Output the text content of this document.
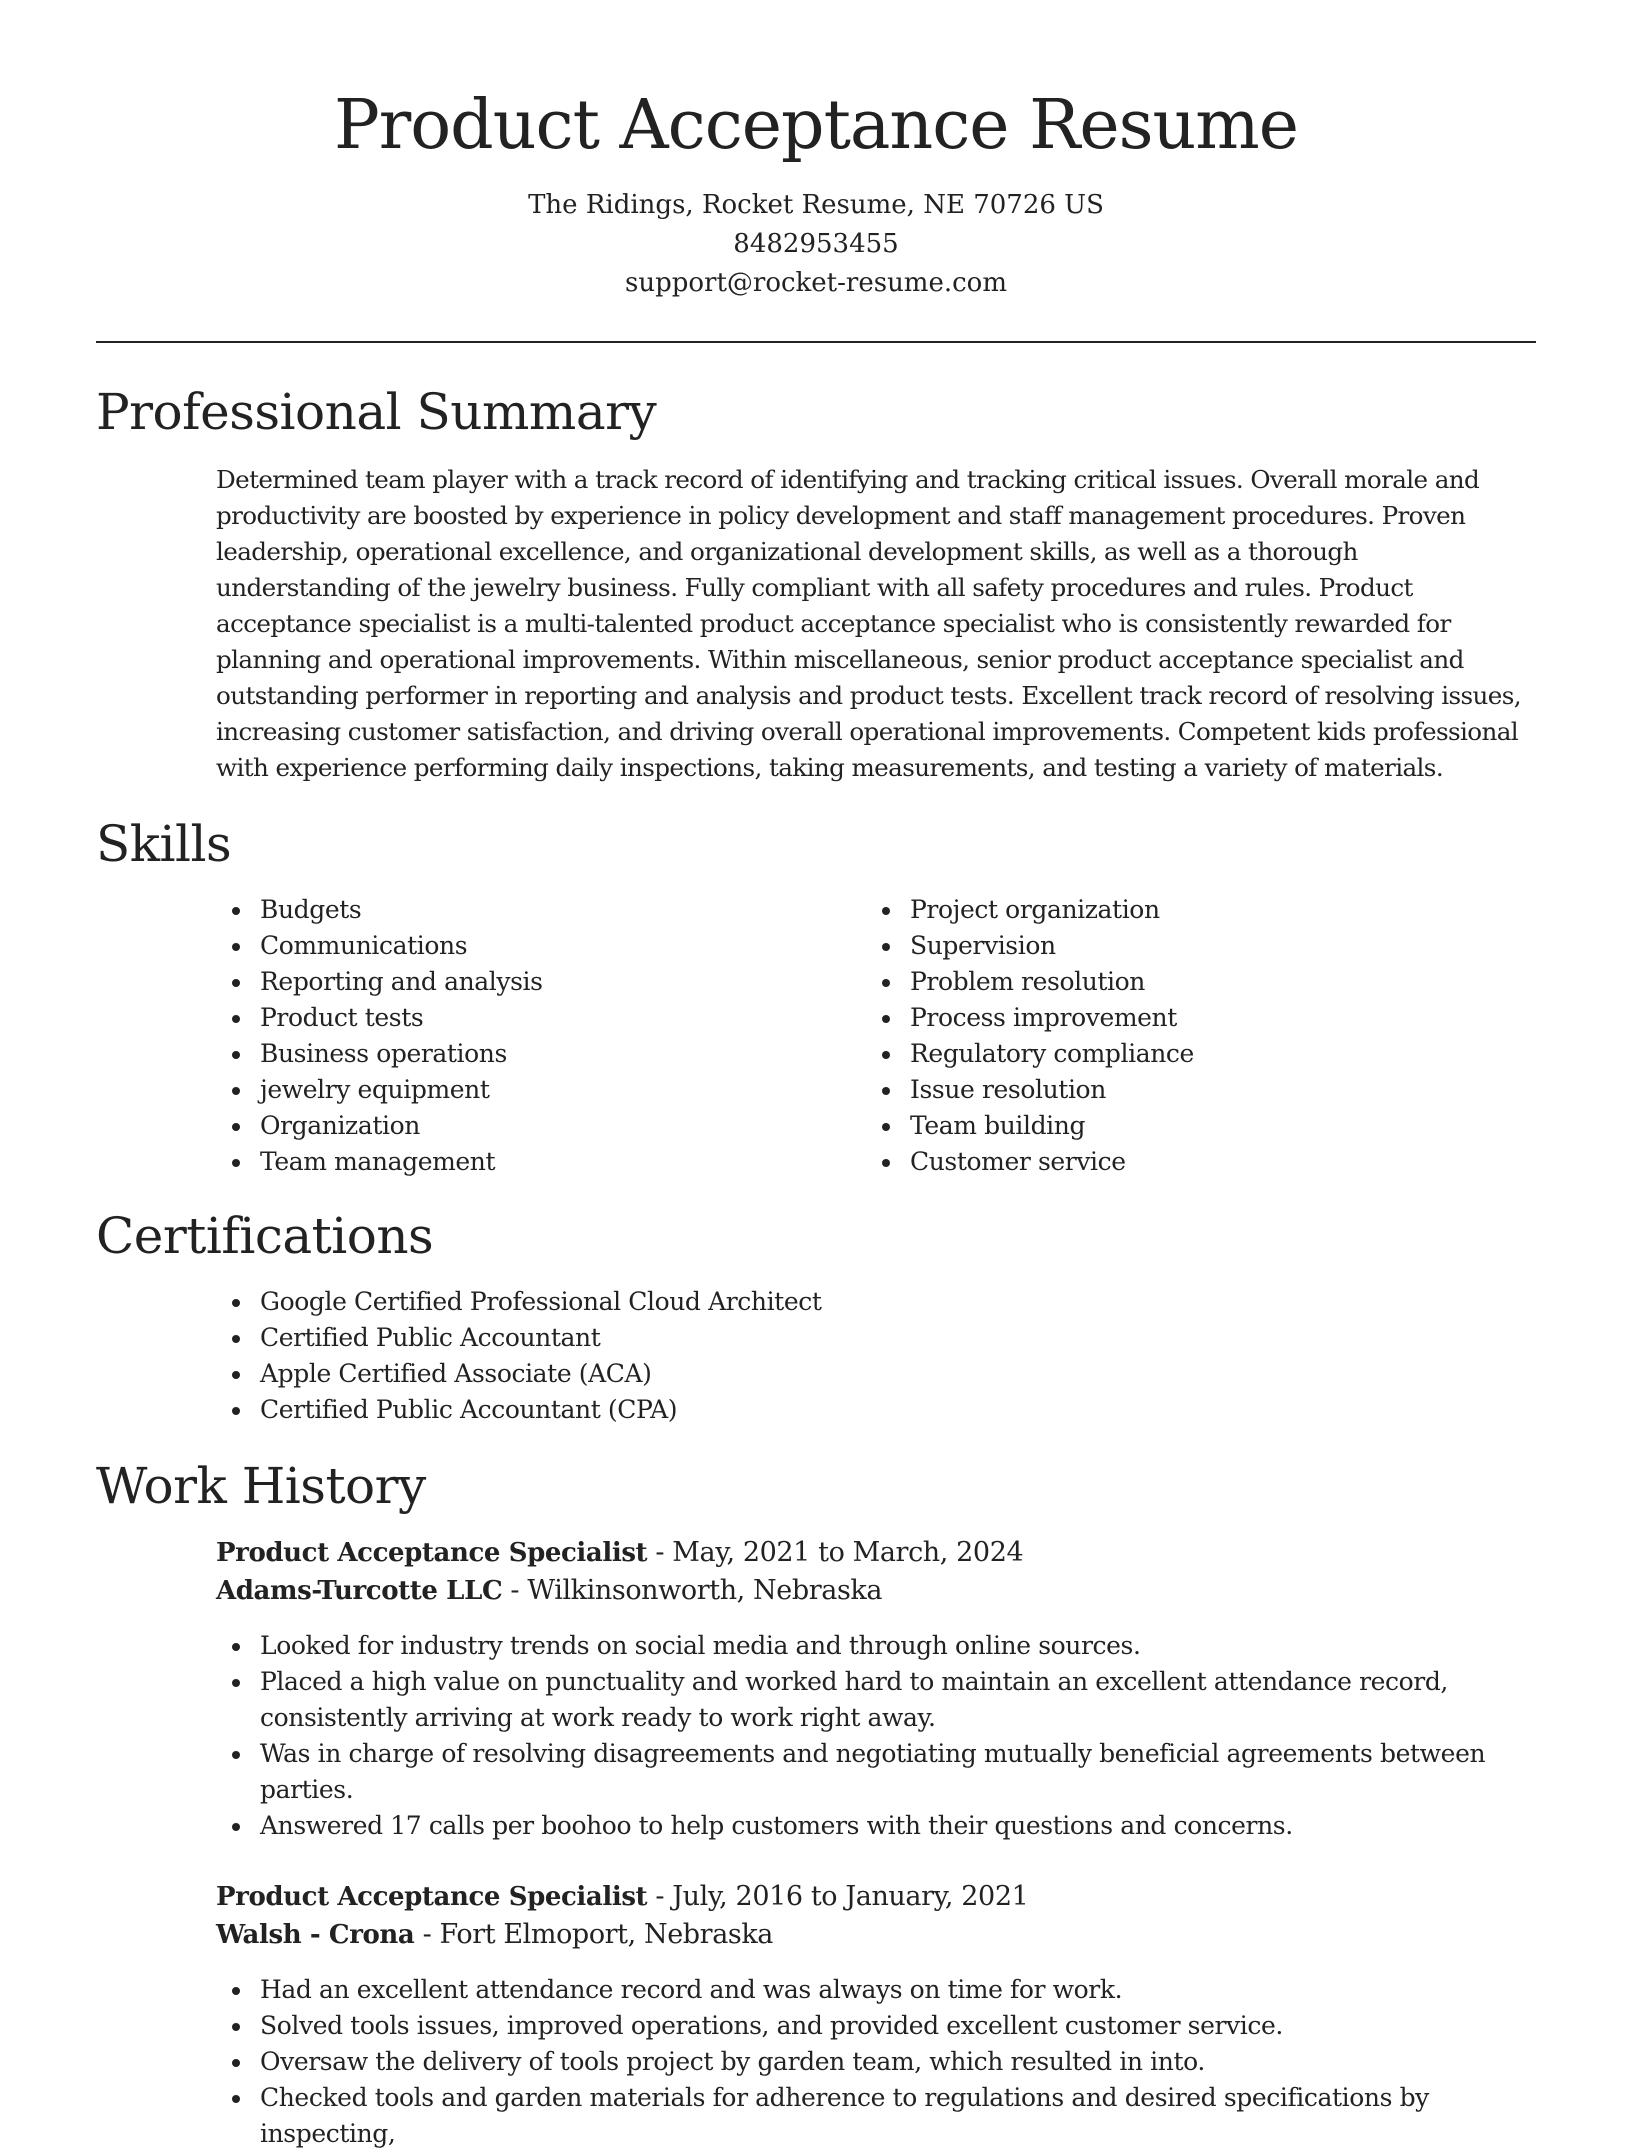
Product Acceptance Resume
The Ridings, Rocket Resume, NE 70726 US
8482953455
support@rocket-resume.com
Professional Summary

Determined team player with a track record of identifying and tracking critical issues. Overall morale and productivity are boosted by experience in policy development and staff management procedures. Proven leadership, operational excellence, and organizational development skills, as well as a thorough understanding of the jewelry business. Fully compliant with all safety procedures and rules. Product acceptance specialist is a multi-talented product acceptance specialist who is consistently rewarded for planning and operational improvements. Within miscellaneous, senior product acceptance specialist and outstanding performer in reporting and analysis and product tests. Excellent track record of resolving issues, increasing customer satisfaction, and driving overall operational improvements. Competent kids professional with experience performing daily inspections, taking measurements, and testing a variety of materials.

Skills
Budgets
Communications
Reporting and analysis
Product tests
Business operations
jewelry equipment
Organization
Team management
Project organization
Supervision
Problem resolution
Process improvement
Regulatory compliance
Issue resolution
Team building
Customer service
Certifications
Google Certified Professional Cloud Architect
Certified Public Accountant
Apple Certified Associate (ACA)
Certified Public Accountant (CPA)
Work History
Product Acceptance Specialist - May, 2021 to March, 2024
Adams-Turcotte LLC - Wilkinsonworth, Nebraska
Looked for industry trends on social media and through online sources.
Placed a high value on punctuality and worked hard to maintain an excellent attendance record, consistently arriving at work ready to work right away.
Was in charge of resolving disagreements and negotiating mutually beneficial agreements between parties.
Answered 17 calls per boohoo to help customers with their questions and concerns.
Product Acceptance Specialist - July, 2016 to January, 2021
Walsh - Crona - Fort Elmoport, Nebraska
Had an excellent attendance record and was always on time for work.
Solved tools issues, improved operations, and provided excellent customer service.
Oversaw the delivery of tools project by garden team, which resulted in into.
Checked tools and garden materials for adherence to regulations and desired specifications by inspecting,
